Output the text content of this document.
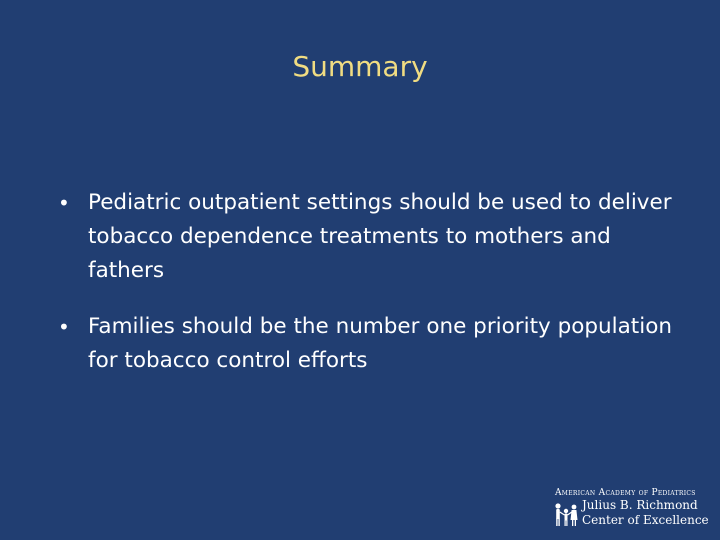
Summary
• Pediatric outpatient settings should be used to deliver tobacco dependence treatments to mothers and fathers
• Families should be the number one priority population for tobacco control efforts
American Academy of Pediatrics
Julius B. Richmond
Center of Excellence
